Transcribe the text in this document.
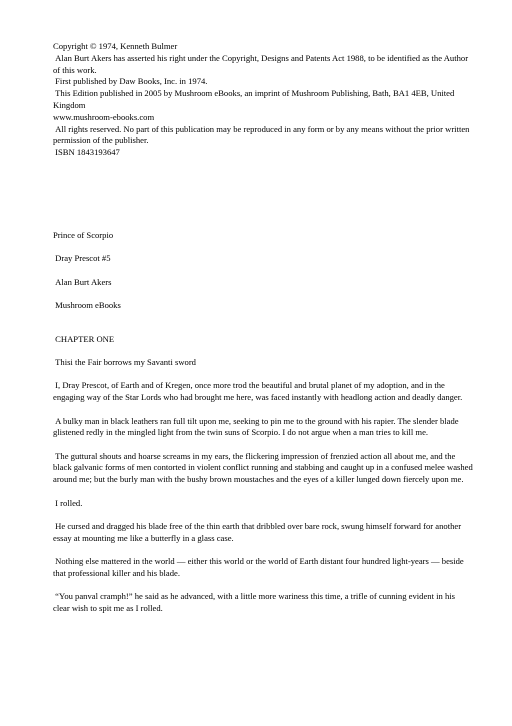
Copyright © 1974, Kenneth Bulmer

Alan Burt Akers has asserted his right under the Copyright, Designs and Patents Act 1988, to be identified as the Author of this work.

First published by Daw Books, Inc. in 1974.

This Edition published in 2005 by Mushroom eBooks, an imprint of Mushroom Publishing, Bath, BA1 4EB, United Kingdom

www.mushroom-ebooks.com

All rights reserved. No part of this publication may be reproduced in any form or by any means without the prior written permission of the publisher.

ISBN 1843193647

Prince of Scorpio

Dray Prescot #5

Alan Burt Akers

Mushroom eBooks

CHAPTER ONE

Thisi the Fair borrows my Savanti sword

I, Dray Prescot, of Earth and of Kregen, once more trod the beautiful and brutal planet of my adoption, and in the engaging way of the Star Lords who had brought me here, was faced instantly with headlong action and deadly danger.

A bulky man in black leathers ran full tilt upon me, seeking to pin me to the ground with his rapier. The slender blade glistened redly in the mingled light from the twin suns of Scorpio. I do not argue when a man tries to kill me.

The guttural shouts and hoarse screams in my ears, the flickering impression of frenzied action all about me, and the black galvanic forms of men contorted in violent conflict running and stabbing and caught up in a confused melee washed around me; but the burly man with the bushy brown moustaches and the eyes of a killer lunged down fiercely upon me.

I rolled.

He cursed and dragged his blade free of the thin earth that dribbled over bare rock, swung himself forward for another essay at mounting me like a butterfly in a glass case.

Nothing else mattered in the world — either this world or the world of Earth distant four hundred light-years — beside that professional killer and his blade.

“You panval cramph!” he said as he advanced, with a little more wariness this time, a trifle of cunning evident in his clear wish to spit me as I rolled.
